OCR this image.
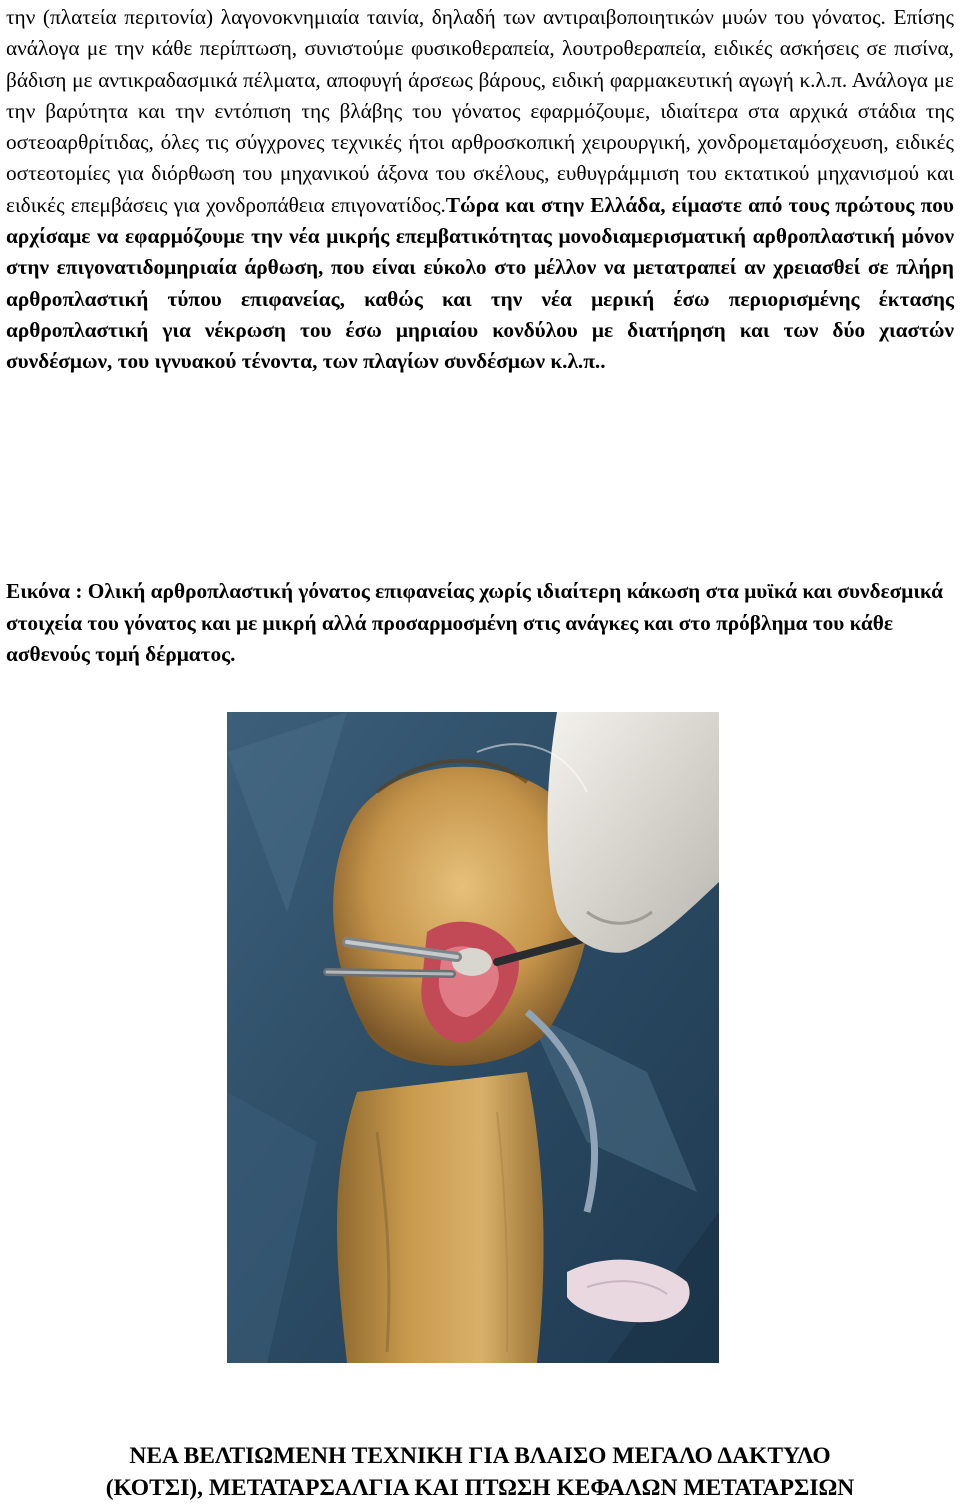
την (πλατεία περιτονία) λαγονοκνημιαία ταινία, δηλαδή των αντιραιβοποιητικών μυών του γόνατος. Επίσης ανάλογα με την κάθε περίπτωση, συνιστούμε φυσικοθεραπεία, λουτροθεραπεία, ειδικές ασκήσεις σε πισίνα, βάδιση με αντικραδασμικά πέλματα, αποφυγή άρσεως βάρους, ειδική φαρμακευτική αγωγή κ.λ.π. Ανάλογα με την βαρύτητα και την εντόπιση της βλάβης του γόνατος εφαρμόζουμε, ιδιαίτερα στα αρχικά στάδια της οστεοαρθρίτιδας, όλες τις σύγχρονες τεχνικές ήτοι αρθροσκοπική χειρουργική, χονδρομεταμόσχευση, ειδικές οστεοτομίες για διόρθωση του μηχανικού άξονα του σκέλους, ευθυγράμμιση του εκτατικού μηχανισμού και ειδικές επεμβάσεις για χονδροπάθεια επιγονατίδος.Τώρα και στην Ελλάδα, είμαστε από τους πρώτους που αρχίσαμε να εφαρμόζουμε την νέα μικρής επεμβατικότητας μονοδιαμερισματική αρθροπλαστική μόνον στην επιγονατιδομηριαία άρθωση, που είναι εύκολο στο μέλλον να μετατραπεί αν χρειασθεί σε πλήρη αρθροπλαστική τύπου επιφανείας, καθώς και την νέα μερική έσω περιορισμένης έκτασης αρθροπλαστική για νέκρωση του έσω μηριαίου κονδύλου με διατήρηση και των δύο χιαστών συνδέσμων, του ιγνυακού τένοντα, των πλαγίων συνδέσμων κ.λ.π..

Εικόνα : Ολική αρθροπλαστική γόνατος επιφανείας χωρίς ιδιαίτερη κάκωση στα μυϊκά και συνδεσμικά στοιχεία του γόνατος και με μικρή αλλά προσαρμοσμένη στις ανάγκες και στο πρόβλημα του κάθε ασθενούς τομή δέρματος.

ΝΕΑ ΒΕΛΤΙΩΜΕΝΗ ΤΕΧΝΙΚΗ ΓΙΑ ΒΛΑΙΣΟ ΜΕΓΑΛΟ ΔΑΚΤΥΛΟ
(ΚΟΤΣΙ), ΜΕΤΑΤΑΡΣΑΛΓΙΑ ΚΑΙ ΠΤΩΣΗ ΚΕΦΑΛΩΝ ΜΕΤΑΤΑΡΣΙΩΝ
